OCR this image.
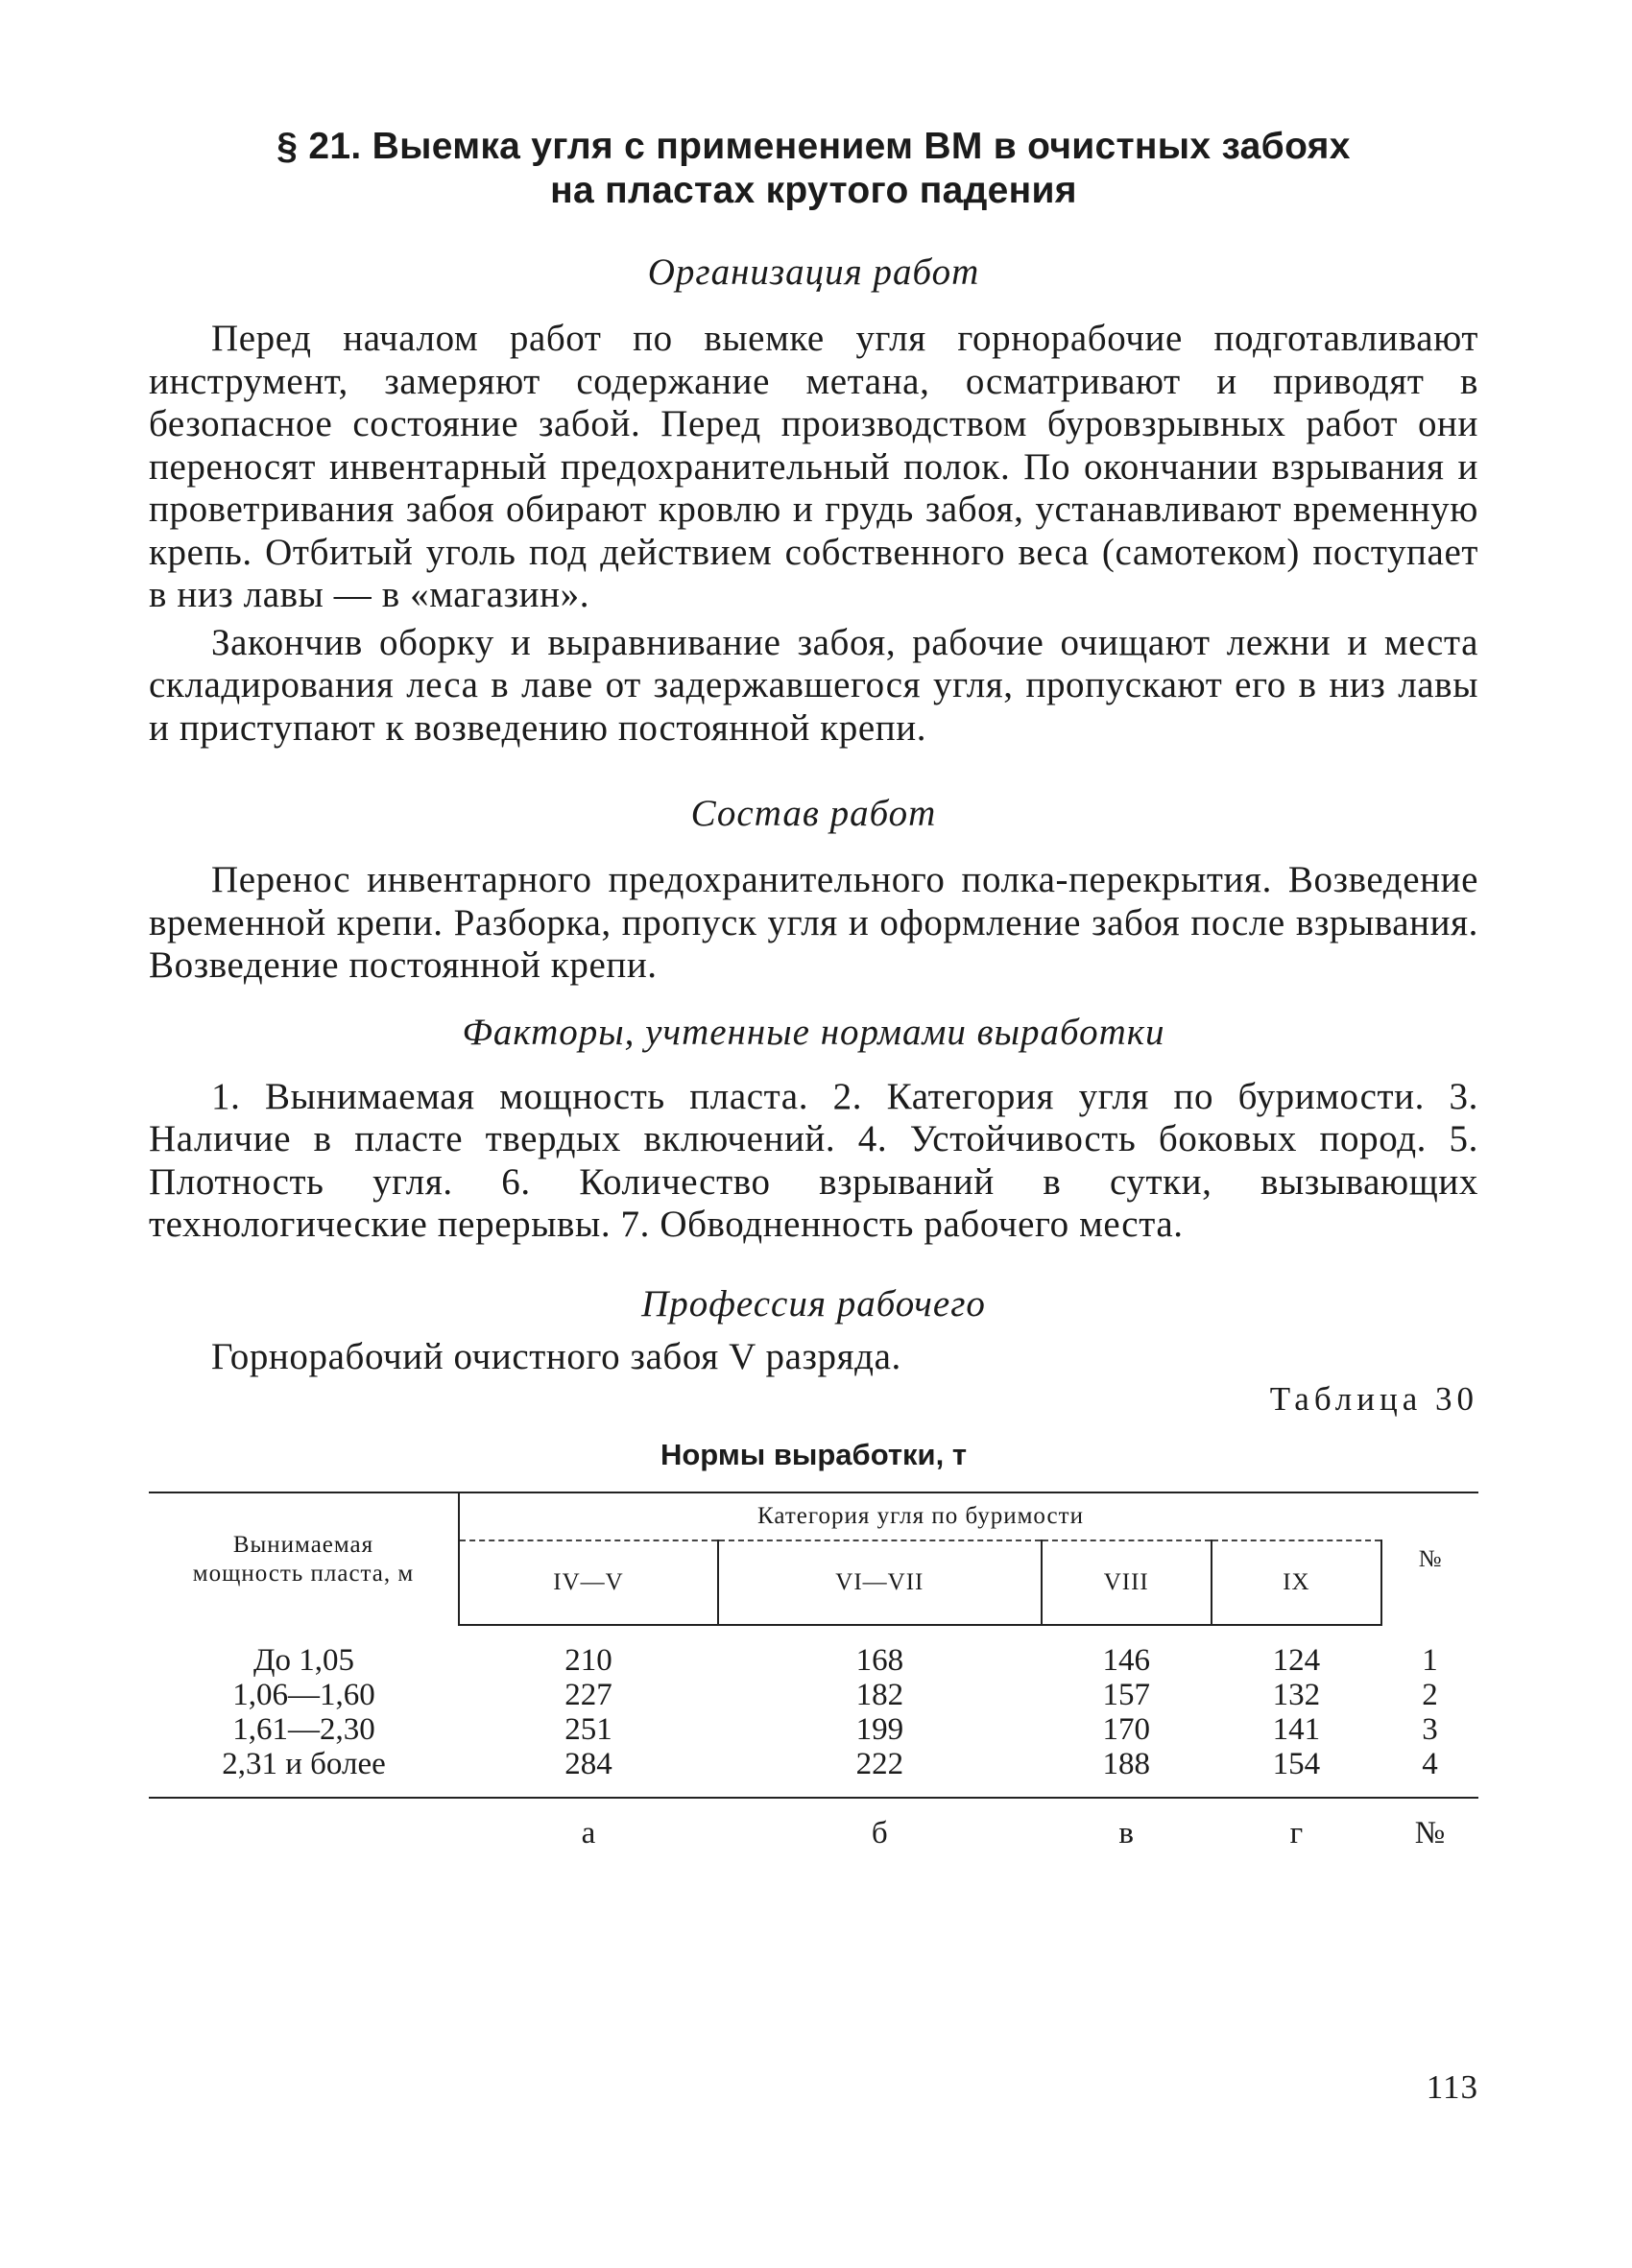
§ 21. Выемка угля с применением ВМ в очистных забоях

на пластах крутого падения

Организация работ

Перед началом работ по выемке угля горнорабочие подготавливают инструмент, замеряют содержание метана, осматривают и приводят в безопасное состояние забой. Перед производством буровзрывных работ они переносят инвентарный предохранительный полок. По окончании взрывания и проветривания забоя обирают кровлю и грудь забоя, устанавливают временную крепь. Отбитый уголь под действием собственного веса (самотеком) поступает в низ лавы — в «магазин».

Закончив оборку и выравнивание забоя, рабочие очищают лежни и места складирования леса в лаве от задержавшегося угля, пропускают его в низ лавы и приступают к возведению постоянной крепи.

Состав работ

Перенос инвентарного предохранительного полка-перекрытия. Возведение временной крепи. Разборка, пропуск угля и оформление забоя после взрывания. Возведение постоянной крепи.

Факторы, учтенные нормами выработки

1. Вынимаемая мощность пласта. 2. Категория угля по буримости. 3. Наличие в пласте твердых включений. 4. Устойчивость боковых пород. 5. Плотность угля. 6. Количество взрываний в сутки, вызывающих технологические перерывы. 7. Обводненность рабочего места.

Профессия рабочего

Горнорабочий очистного забоя V разряда.

Таблица 30

Нормы выработки, т

Вынимаемая
мощность пласта, м	Категория угля по буримости				№
	IV—V	VI—VII	VIII	IX	
До 1,05	210	168	146	124	1
1,06—1,60	227	182	157	132	2
1,61—2,30	251	199	170	141	3
2,31 и более	284	222	188	154	4
	а	б	в	г	№
113
